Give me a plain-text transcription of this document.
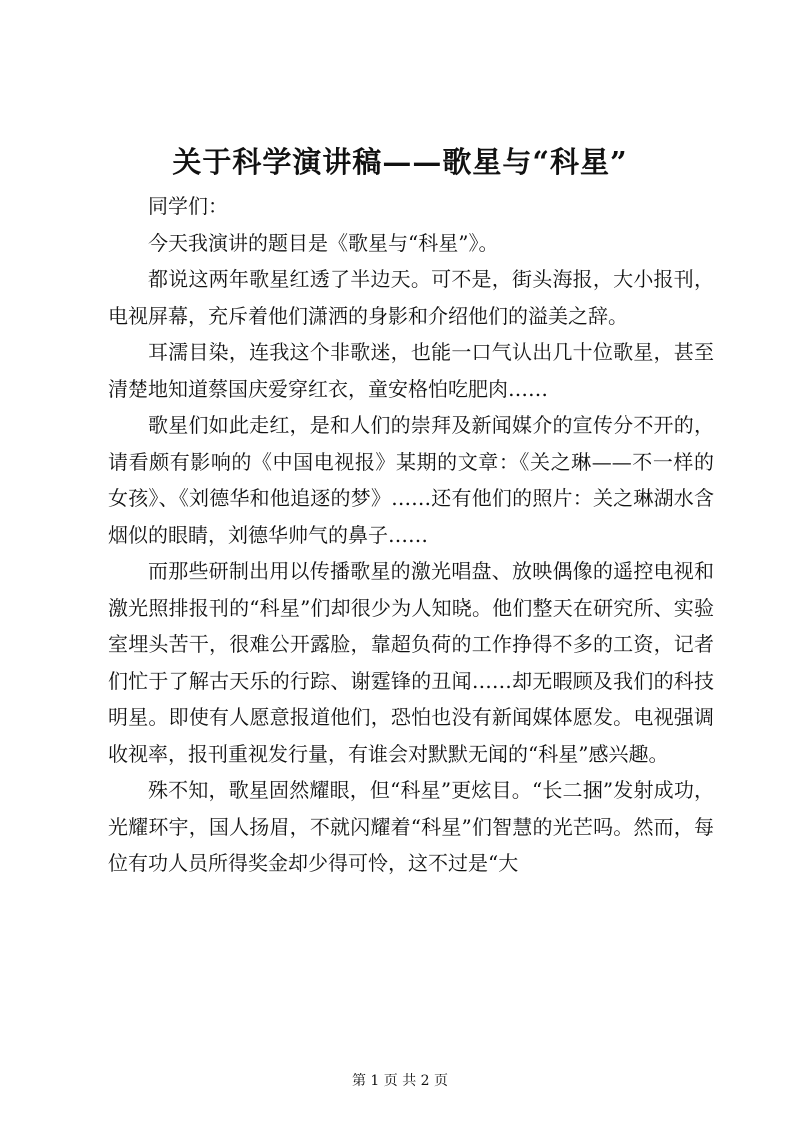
关于科学演讲稿——歌星与“科星”

同学们：

今天我演讲的题目是《歌星与“科星”》。

都说这两年歌星红透了半边天。可不是，街头海报，大小报刊，电视屏幕，充斥着他们潇洒的身影和介绍他们的溢美之辞。

耳濡目染，连我这个非歌迷，也能一口气认出几十位歌星，甚至清楚地知道蔡国庆爱穿红衣，童安格怕吃肥肉……

歌星们如此走红，是和人们的崇拜及新闻媒介的宣传分不开的，请看颇有影响的《中国电视报》某期的文章：《关之琳——不一样的女孩》、《刘德华和他追逐的梦》……还有他们的照片：关之琳湖水含烟似的眼睛，刘德华帅气的鼻子……

而那些研制出用以传播歌星的激光唱盘、放映偶像的遥控电视和激光照排报刊的“科星”们却很少为人知晓。他们整天在研究所、实验室埋头苦干，很难公开露脸，靠超负荷的工作挣得不多的工资，记者们忙于了解古天乐的行踪、谢霆锋的丑闻……却无暇顾及我们的科技明星。即使有人愿意报道他们，恐怕也没有新闻媒体愿发。电视强调收视率，报刊重视发行量，有谁会对默默无闻的“科星”感兴趣。

殊不知，歌星固然耀眼，但“科星”更炫目。“长二捆”发射成功，光耀环宇，国人扬眉，不就闪耀着“科星”们智慧的光芒吗。然而，每位有功人员所得奖金却少得可怜，这不过是“大

第 1 页 共 2 页
